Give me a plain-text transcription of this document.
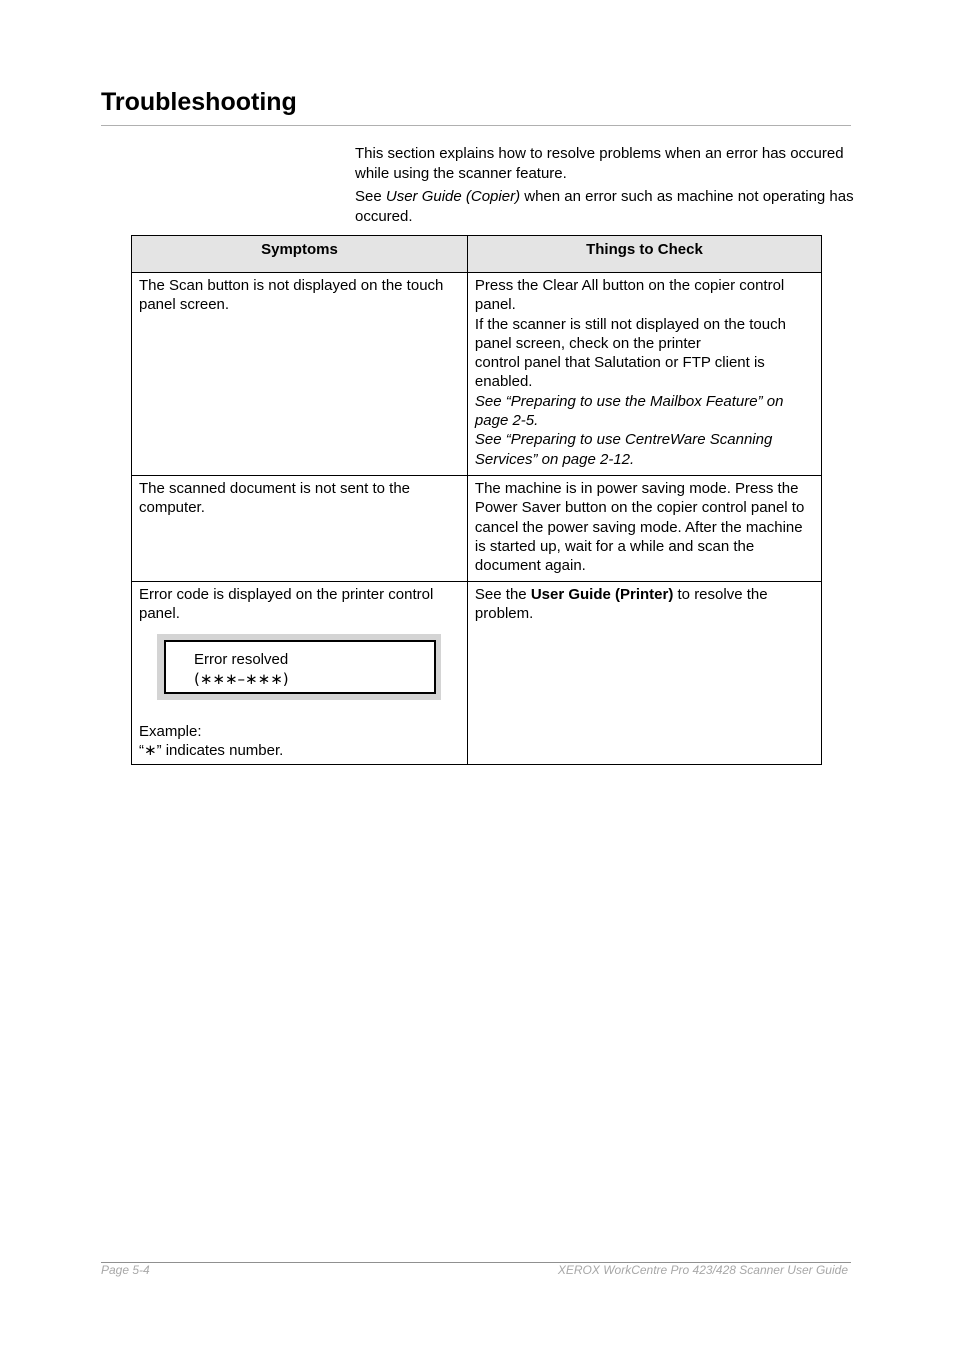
Troubleshooting

This section explains how to resolve problems when an error has occured while using the scanner feature.

See User Guide (Copier) when an error such as machine not operating has occured.

Symptoms	Things to Check
The Scan button is not displayed on the touch panel screen.	Press the Clear All button on the copier control panel.
If the scanner is still not displayed on the touch panel screen, check on the printer
control panel that Salutation or FTP client is enabled.
See “Preparing to use the Mailbox Feature” on page 2-5.
See “Preparing to use CentreWare Scanning Services” on page 2-12.

The scanned document is not sent to the computer.	The machine is in power saving mode. Press the Power Saver button on the copier control panel to cancel the power saving mode. After the machine is started up, wait for a while and scan the document again.

Error code is displayed on the printer control panel.
Error resolved
(∗∗∗–∗∗∗)
Example:
“∗” indicates number.	See the User Guide (Printer) to resolve the problem.
Page 5-4	XEROX WorkCentre Pro 423/428 Scanner User Guide
